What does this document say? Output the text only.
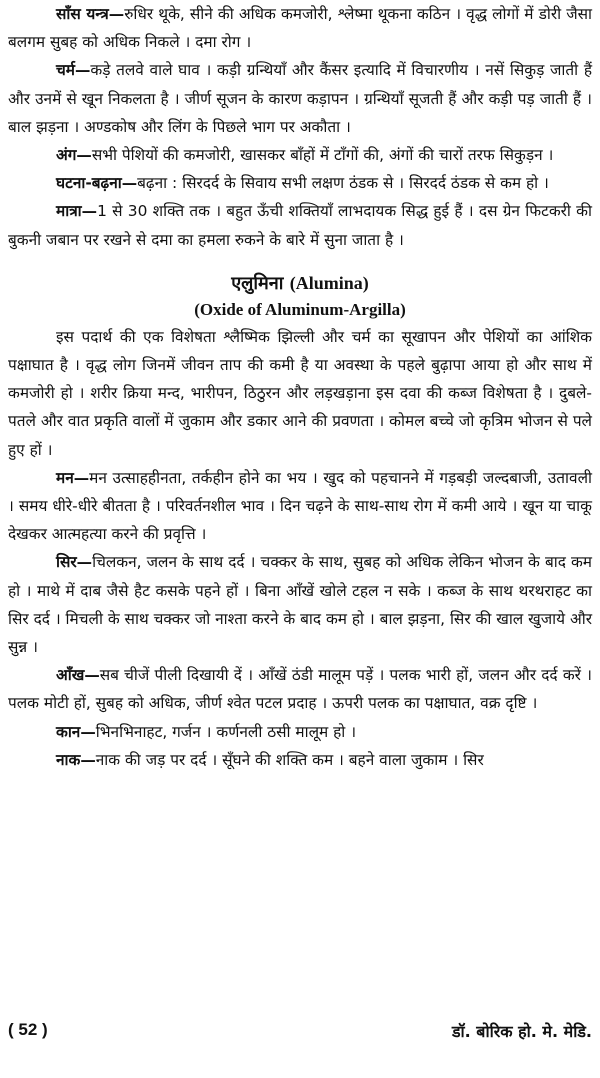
साँस यन्त्र—रुधिर थूके, सीने की अधिक कमजोरी, श्लेष्मा थूकना कठिन । वृद्ध लोगों में डोरी जैसा बलगम सुबह को अधिक निकले । दमा रोग ।

चर्म—कड़े तलवे वाले घाव । कड़ी ग्रन्थियाँ और कैंसर इत्यादि में विचारणीय । नसें सिकुड़ जाती हैं और उनमें से खून निकलता है । जीर्ण सूजन के कारण कड़ापन । ग्रन्थियाँ सूजती हैं और कड़ी पड़ जाती हैं । बाल झड़ना । अण्डकोष और लिंग के पिछले भाग पर अकौता ।

अंग—सभी पेशियों की कमजोरी, खासकर बाँहों में टाँगों की, अंगों की चारों तरफ सिकुड़न ।

घटना-बढ़ना—बढ़ना : सिरदर्द के सिवाय सभी लक्षण ठंडक से । सिरदर्द ठंडक से कम हो ।

मात्रा—1 से 30 शक्ति तक । बहुत ऊँची शक्तियाँ लाभदायक सिद्ध हुई हैं । दस ग्रेन फिटकरी की बुकनी जबान पर रखने से दमा का हमला रुकने के बारे में सुना जाता है ।

एलुमिना (Alumina)

(Oxide of Aluminum-Argilla)

इस पदार्थ की एक विशेषता श्लैष्मिक झिल्ली और चर्म का सूखापन और पेशियों का आंशिक पक्षाघात है । वृद्ध लोग जिनमें जीवन ताप की कमी है या अवस्था के पहले बुढ़ापा आया हो और साथ में कमजोरी हो । शरीर क्रिया मन्द, भारीपन, ठिठुरन और लड़खड़ाना इस दवा की कब्ज विशेषता है । दुबले-पतले और वात प्रकृति वालों में जुकाम और डकार आने की प्रवणता । कोमल बच्चे जो कृत्रिम भोजन से पले हुए हों ।

मन—मन उत्साहहीनता, तर्कहीन होने का भय । खुद को पहचानने में गड़बड़ी जल्दबाजी, उतावली । समय धीरे-धीरे बीतता है । परिवर्तनशील भाव । दिन चढ़ने के साथ-साथ रोग में कमी आये । खून या चाकू देखकर आत्महत्या करने की प्रवृत्ति ।

सिर—चिलकन, जलन के साथ दर्द । चक्कर के साथ, सुबह को अधिक लेकिन भोजन के बाद कम हो । माथे में दाब जैसे हैट कसके पहने हों । बिना आँखें खोले टहल न सके । कब्ज के साथ थरथराहट का सिर दर्द । मिचली के साथ चक्कर जो नाश्ता करने के बाद कम हो । बाल झड़ना, सिर की खाल खुजाये और सुन्न ।

आँख—सब चीजें पीली दिखायी दें । आँखें ठंडी मालूम पड़ें । पलक भारी हों, जलन और दर्द करें । पलक मोटी हों, सुबह को अधिक, जीर्ण श्वेत पटल प्रदाह । ऊपरी पलक का पक्षाघात, वक्र दृष्टि ।

कान—भिनभिनाहट, गर्जन । कर्णनली ठसी मालूम हो ।

नाक—नाक की जड़ पर दर्द । सूँघने की शक्ति कम । बहने वाला जुकाम । सिर

( 52 )	डॉ. बोरिक हो. मे. मेडि.
